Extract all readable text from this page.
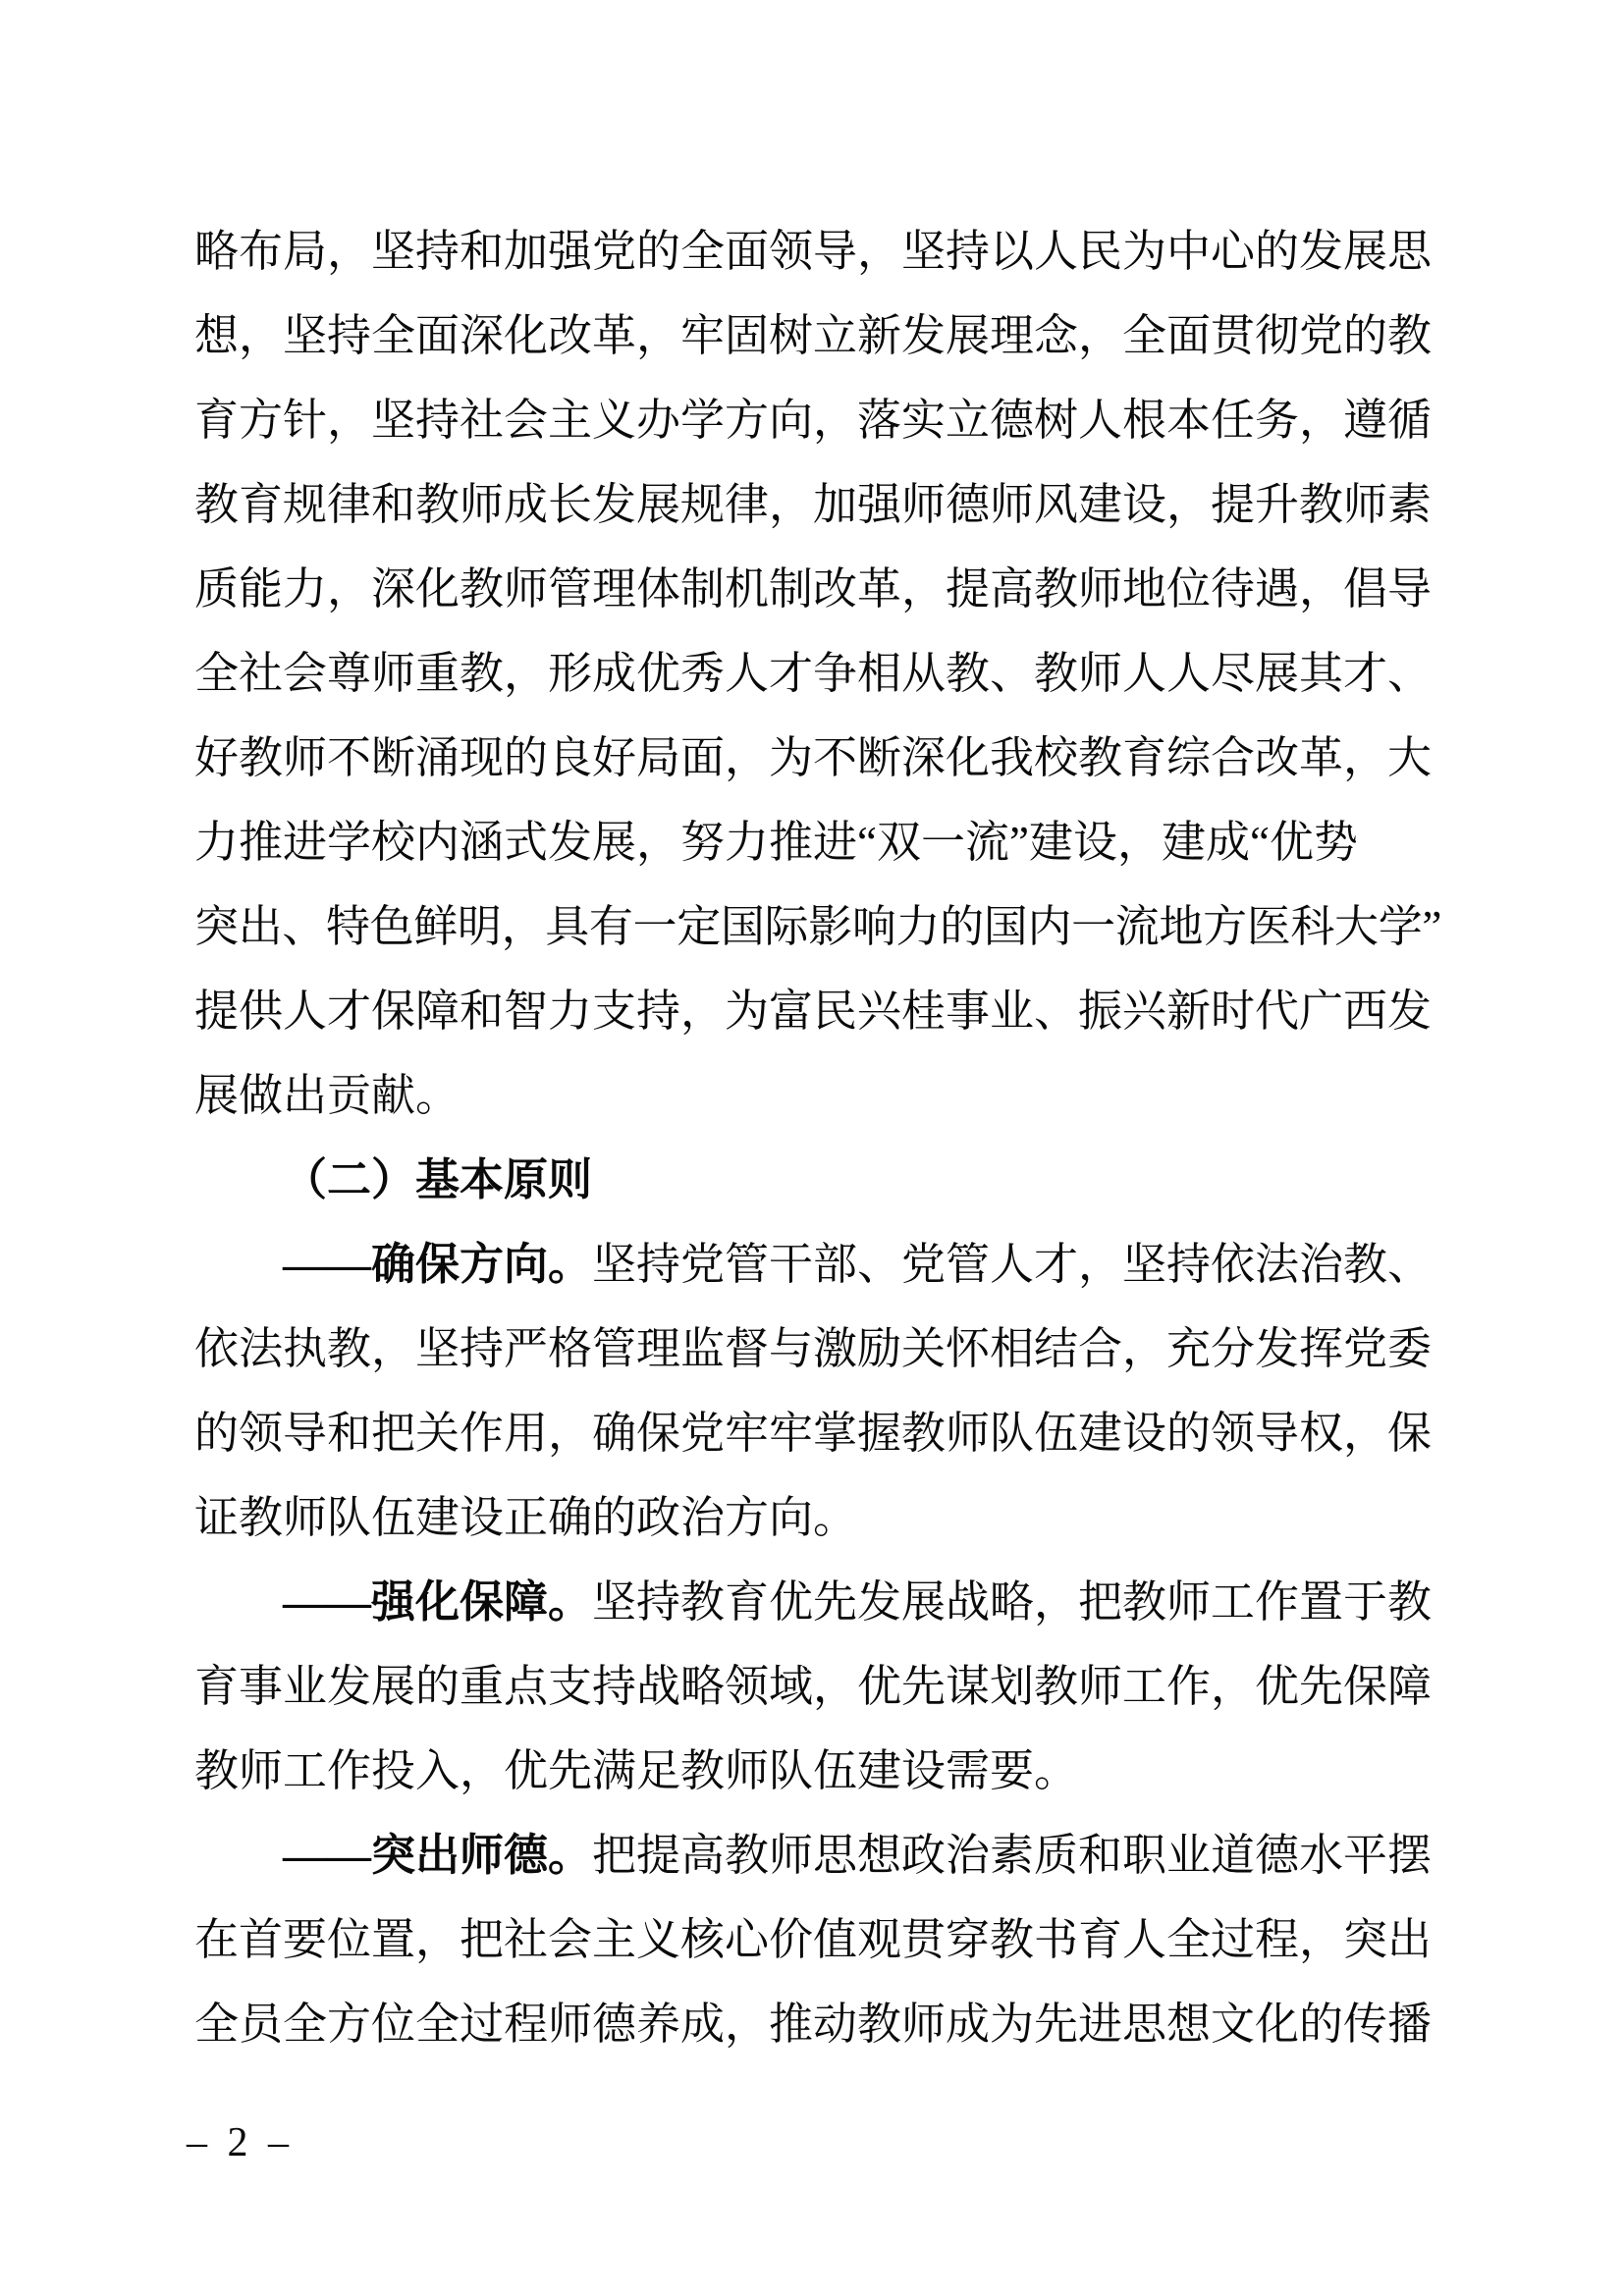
略布局，坚持和加强党的全面领导，坚持以人民为中心的发展思
想，坚持全面深化改革，牢固树立新发展理念，全面贯彻党的教
育方针，坚持社会主义办学方向，落实立德树人根本任务，遵循
教育规律和教师成长发展规律，加强师德师风建设，提升教师素
质能力，深化教师管理体制机制改革，提高教师地位待遇，倡导
全社会尊师重教，形成优秀人才争相从教、教师人人尽展其才、
好教师不断涌现的良好局面，为不断深化我校教育综合改革，大
力推进学校内涵式发展，努力推进“双一流”建设，建成“优势
突出、特色鲜明，具有一定国际影响力的国内一流地方医科大学”
提供人才保障和智力支持，为富民兴桂事业、振兴新时代广西发
展做出贡献。
（二）基本原则
——确保方向。坚持党管干部、党管人才，坚持依法治教、
依法执教，坚持严格管理监督与激励关怀相结合，充分发挥党委
的领导和把关作用，确保党牢牢掌握教师队伍建设的领导权，保
证教师队伍建设正确的政治方向。
——强化保障。坚持教育优先发展战略，把教师工作置于教
育事业发展的重点支持战略领域，优先谋划教师工作，优先保障
教师工作投入，优先满足教师队伍建设需要。
——突出师德。把提高教师思想政治素质和职业道德水平摆
在首要位置，把社会主义核心价值观贯穿教书育人全过程，突出
全员全方位全过程师德养成，推动教师成为先进思想文化的传播
– 2 –
